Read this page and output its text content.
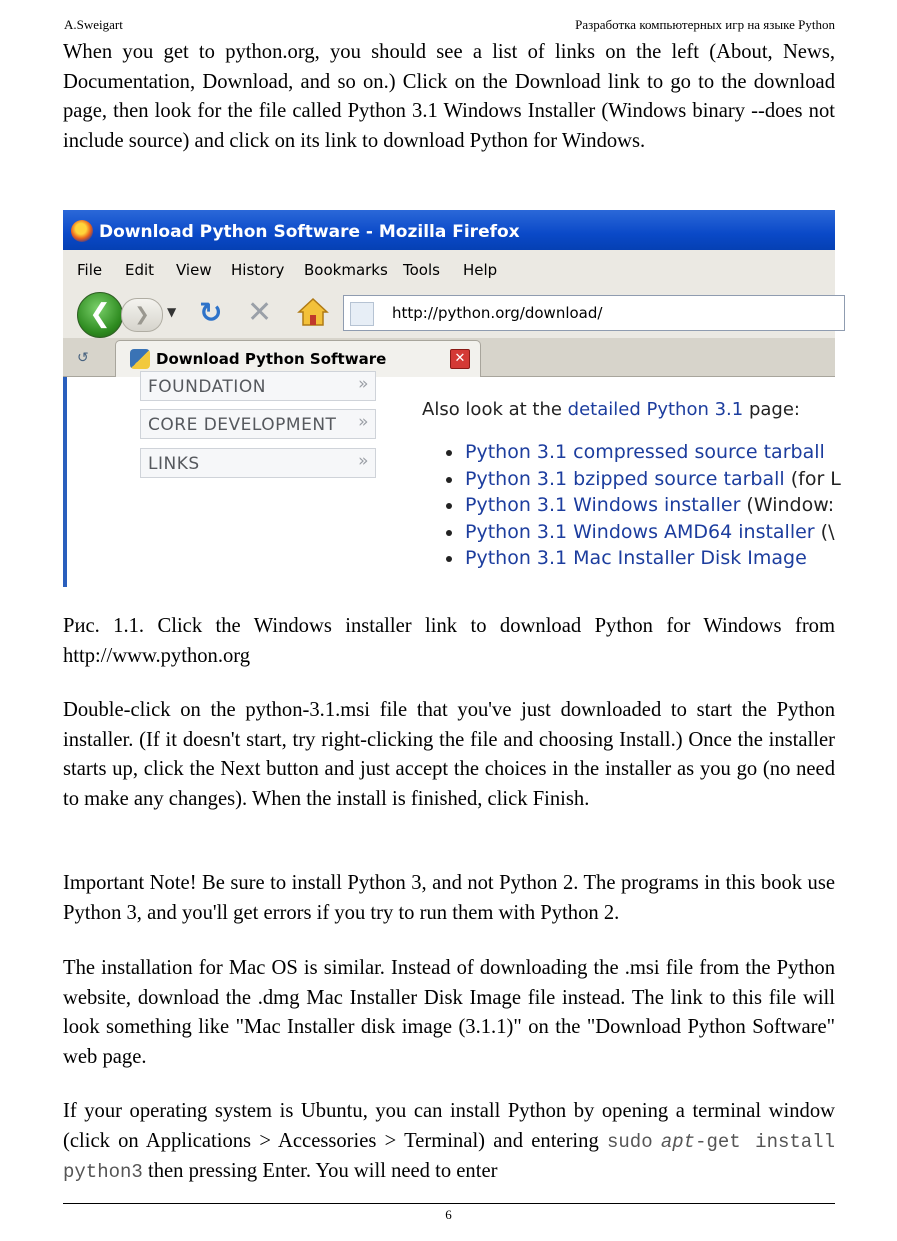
A.Sweigart	Разработка компьютерных игр на языке Python

When you get to python.org, you should see a list of links on the left (About, News, Documentation, Download, and so on.) Click on the Download link to go to the download page, then look for the file called Python 3.1 Windows Installer (Windows binary --does not include source) and click on its link to download Python for Windows.

Download Python Software - Mozilla Firefox
File Edit View History Bookmarks Tools Help
❮	❯	▼ ↻ ✕	http://python.org/download/
↺	Download Python Software	✕
FOUNDATION	»
CORE DEVELOPMENT »
LINKS	»
Also look at the detailed Python 3.1 page:
Python 3.1 compressed source tarball
Python 3.1 bzipped source tarball (for L
Python 3.1 Windows installer (Window:
Python 3.1 Windows AMD64 installer (\
Python 3.1 Mac Installer Disk Image

Рис. 1.1. Click the Windows installer link to download Python for Windows from http://www.python.org

Double-click on the python-3.1.msi file that you've just downloaded to start the Python installer. (If it doesn't start, try right-clicking the file and choosing Install.) Once the installer starts up, click the Next button and just accept the choices in the installer as you go (no need to make any changes). When the install is finished, click Finish.

Important Note! Be sure to install Python 3, and not Python 2. The programs in this book use Python 3, and you'll get errors if you try to run them with Python 2.

The installation for Mac OS is similar. Instead of downloading the .msi file from the Python website, download the .dmg Mac Installer Disk Image file instead. The link to this file will look something like "Mac Installer disk image (3.1.1)" on the "Download Python Software" web page.

If your operating system is Ubuntu, you can install Python by opening a terminal window (click on Applications > Accessories > Terminal) and entering sudo apt-get install python3 then pressing Enter. You will need to enter

6
